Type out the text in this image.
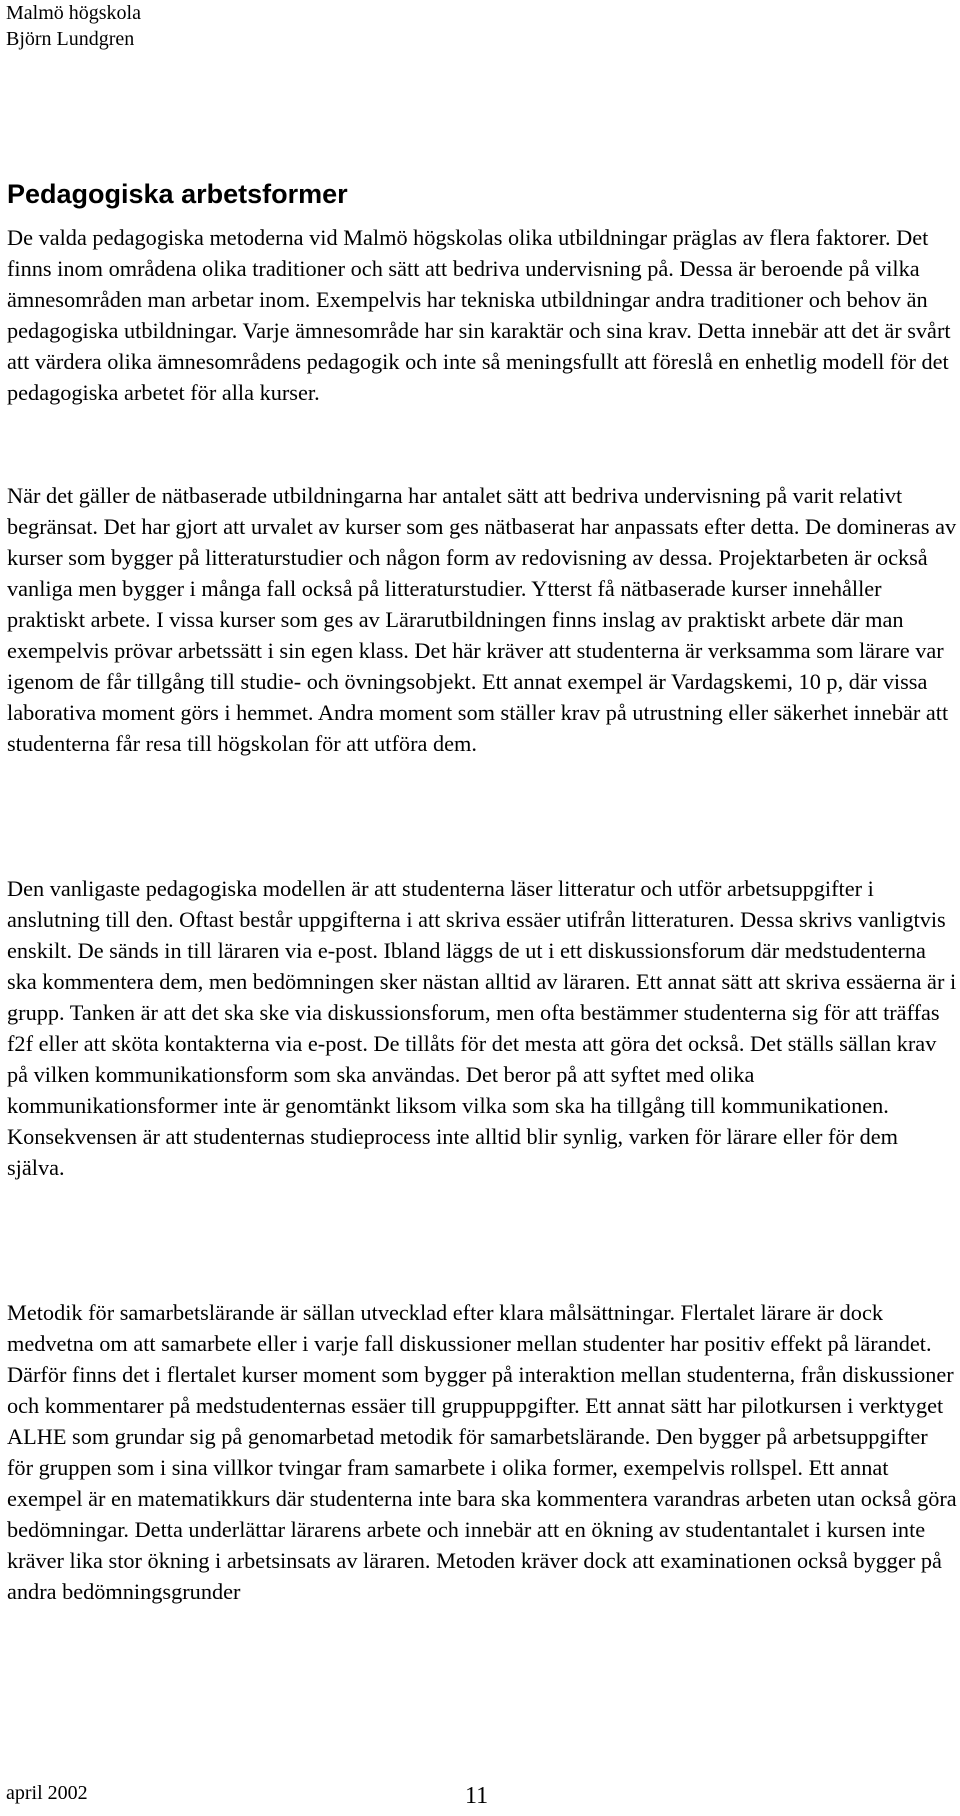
Malmö högskola
Björn Lundgren
Pedagogiska arbetsformer

De valda pedagogiska metoderna vid Malmö högskolas olika utbildningar präglas av flera faktorer. Det finns inom områdena olika traditioner och sätt att bedriva undervisning på. Dessa är beroende på vilka ämnesområden man arbetar inom. Exempelvis har tekniska utbildningar andra traditioner och behov än pedagogiska utbildningar. Varje ämnesområde har sin karaktär och sina krav. Detta innebär att det är svårt att värdera olika ämnesområdens pedagogik och inte så meningsfullt att föreslå en enhetlig modell för det pedagogiska arbetet för alla kurser.

När det gäller de nätbaserade utbildningarna har antalet sätt att bedriva undervisning på varit relativt begränsat. Det har gjort att urvalet av kurser som ges nätbaserat har anpassats efter detta. De domineras av kurser som bygger på litteraturstudier och någon form av redovisning av dessa. Projektarbeten är också vanliga men bygger i många fall också på litteraturstudier. Ytterst få nätbaserade kurser innehåller praktiskt arbete. I vissa kurser som ges av Lärarutbildningen finns inslag av praktiskt arbete där man exempelvis prövar arbetssätt i sin egen klass. Det här kräver att studenterna är verksamma som lärare var igenom de får tillgång till studie- och övningsobjekt. Ett annat exempel är Vardagskemi, 10 p, där vissa laborativa moment görs i hemmet. Andra moment som ställer krav på utrustning eller säkerhet innebär att studenterna får resa till högskolan för att utföra dem.

Den vanligaste pedagogiska modellen är att studenterna läser litteratur och utför arbetsuppgifter i anslutning till den. Oftast består uppgifterna i att skriva essäer utifrån litteraturen. Dessa skrivs vanligtvis enskilt. De sänds in till läraren via e-post. Ibland läggs de ut i ett diskussionsforum där medstudenterna ska kommentera dem, men bedömningen sker nästan alltid av läraren. Ett annat sätt att skriva essäerna är i grupp. Tanken är att det ska ske via diskussionsforum, men ofta bestämmer studenterna sig för att träffas f2f eller att sköta kontakterna via e-post. De tillåts för det mesta att göra det också. Det ställs sällan krav på vilken kommunikationsform som ska användas. Det beror på att syftet med olika kommunikationsformer inte är genomtänkt liksom vilka som ska ha tillgång till kommunikationen. Konsekvensen är att studenternas studieprocess inte alltid blir synlig, varken för lärare eller för dem själva.

Metodik för samarbetslärande är sällan utvecklad efter klara målsättningar. Flertalet lärare är dock medvetna om att samarbete eller i varje fall diskussioner mellan studenter har positiv effekt på lärandet. Därför finns det i flertalet kurser moment som bygger på interaktion mellan studenterna, från diskussioner och kommentarer på medstudenternas essäer till gruppuppgifter. Ett annat sätt har pilotkursen i verktyget ALHE som grundar sig på genomarbetad metodik för samarbetslärande. Den bygger på arbetsuppgifter för gruppen som i sina villkor tvingar fram samarbete i olika former, exempelvis rollspel. Ett annat exempel är en matematikkurs där studenterna inte bara ska kommentera varandras arbeten utan också göra bedömningar. Detta underlättar lärarens arbete och innebär att en ökning av studentantalet i kursen inte kräver lika stor ökning i arbetsinsats av läraren. Metoden kräver dock att examinationen också bygger på andra bedömningsgrunder

april 2002	11
